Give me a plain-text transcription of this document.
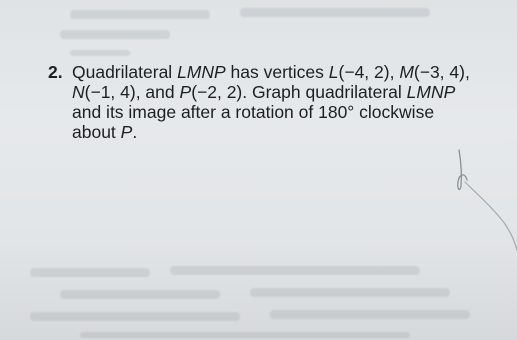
2. Quadrilateral LMNP has vertices L(−4, 2), M(−3, 4),
N(−1, 4), and P(−2, 2). Graph quadrilateral LMNP
and its image after a rotation of 180° clockwise
about P.
